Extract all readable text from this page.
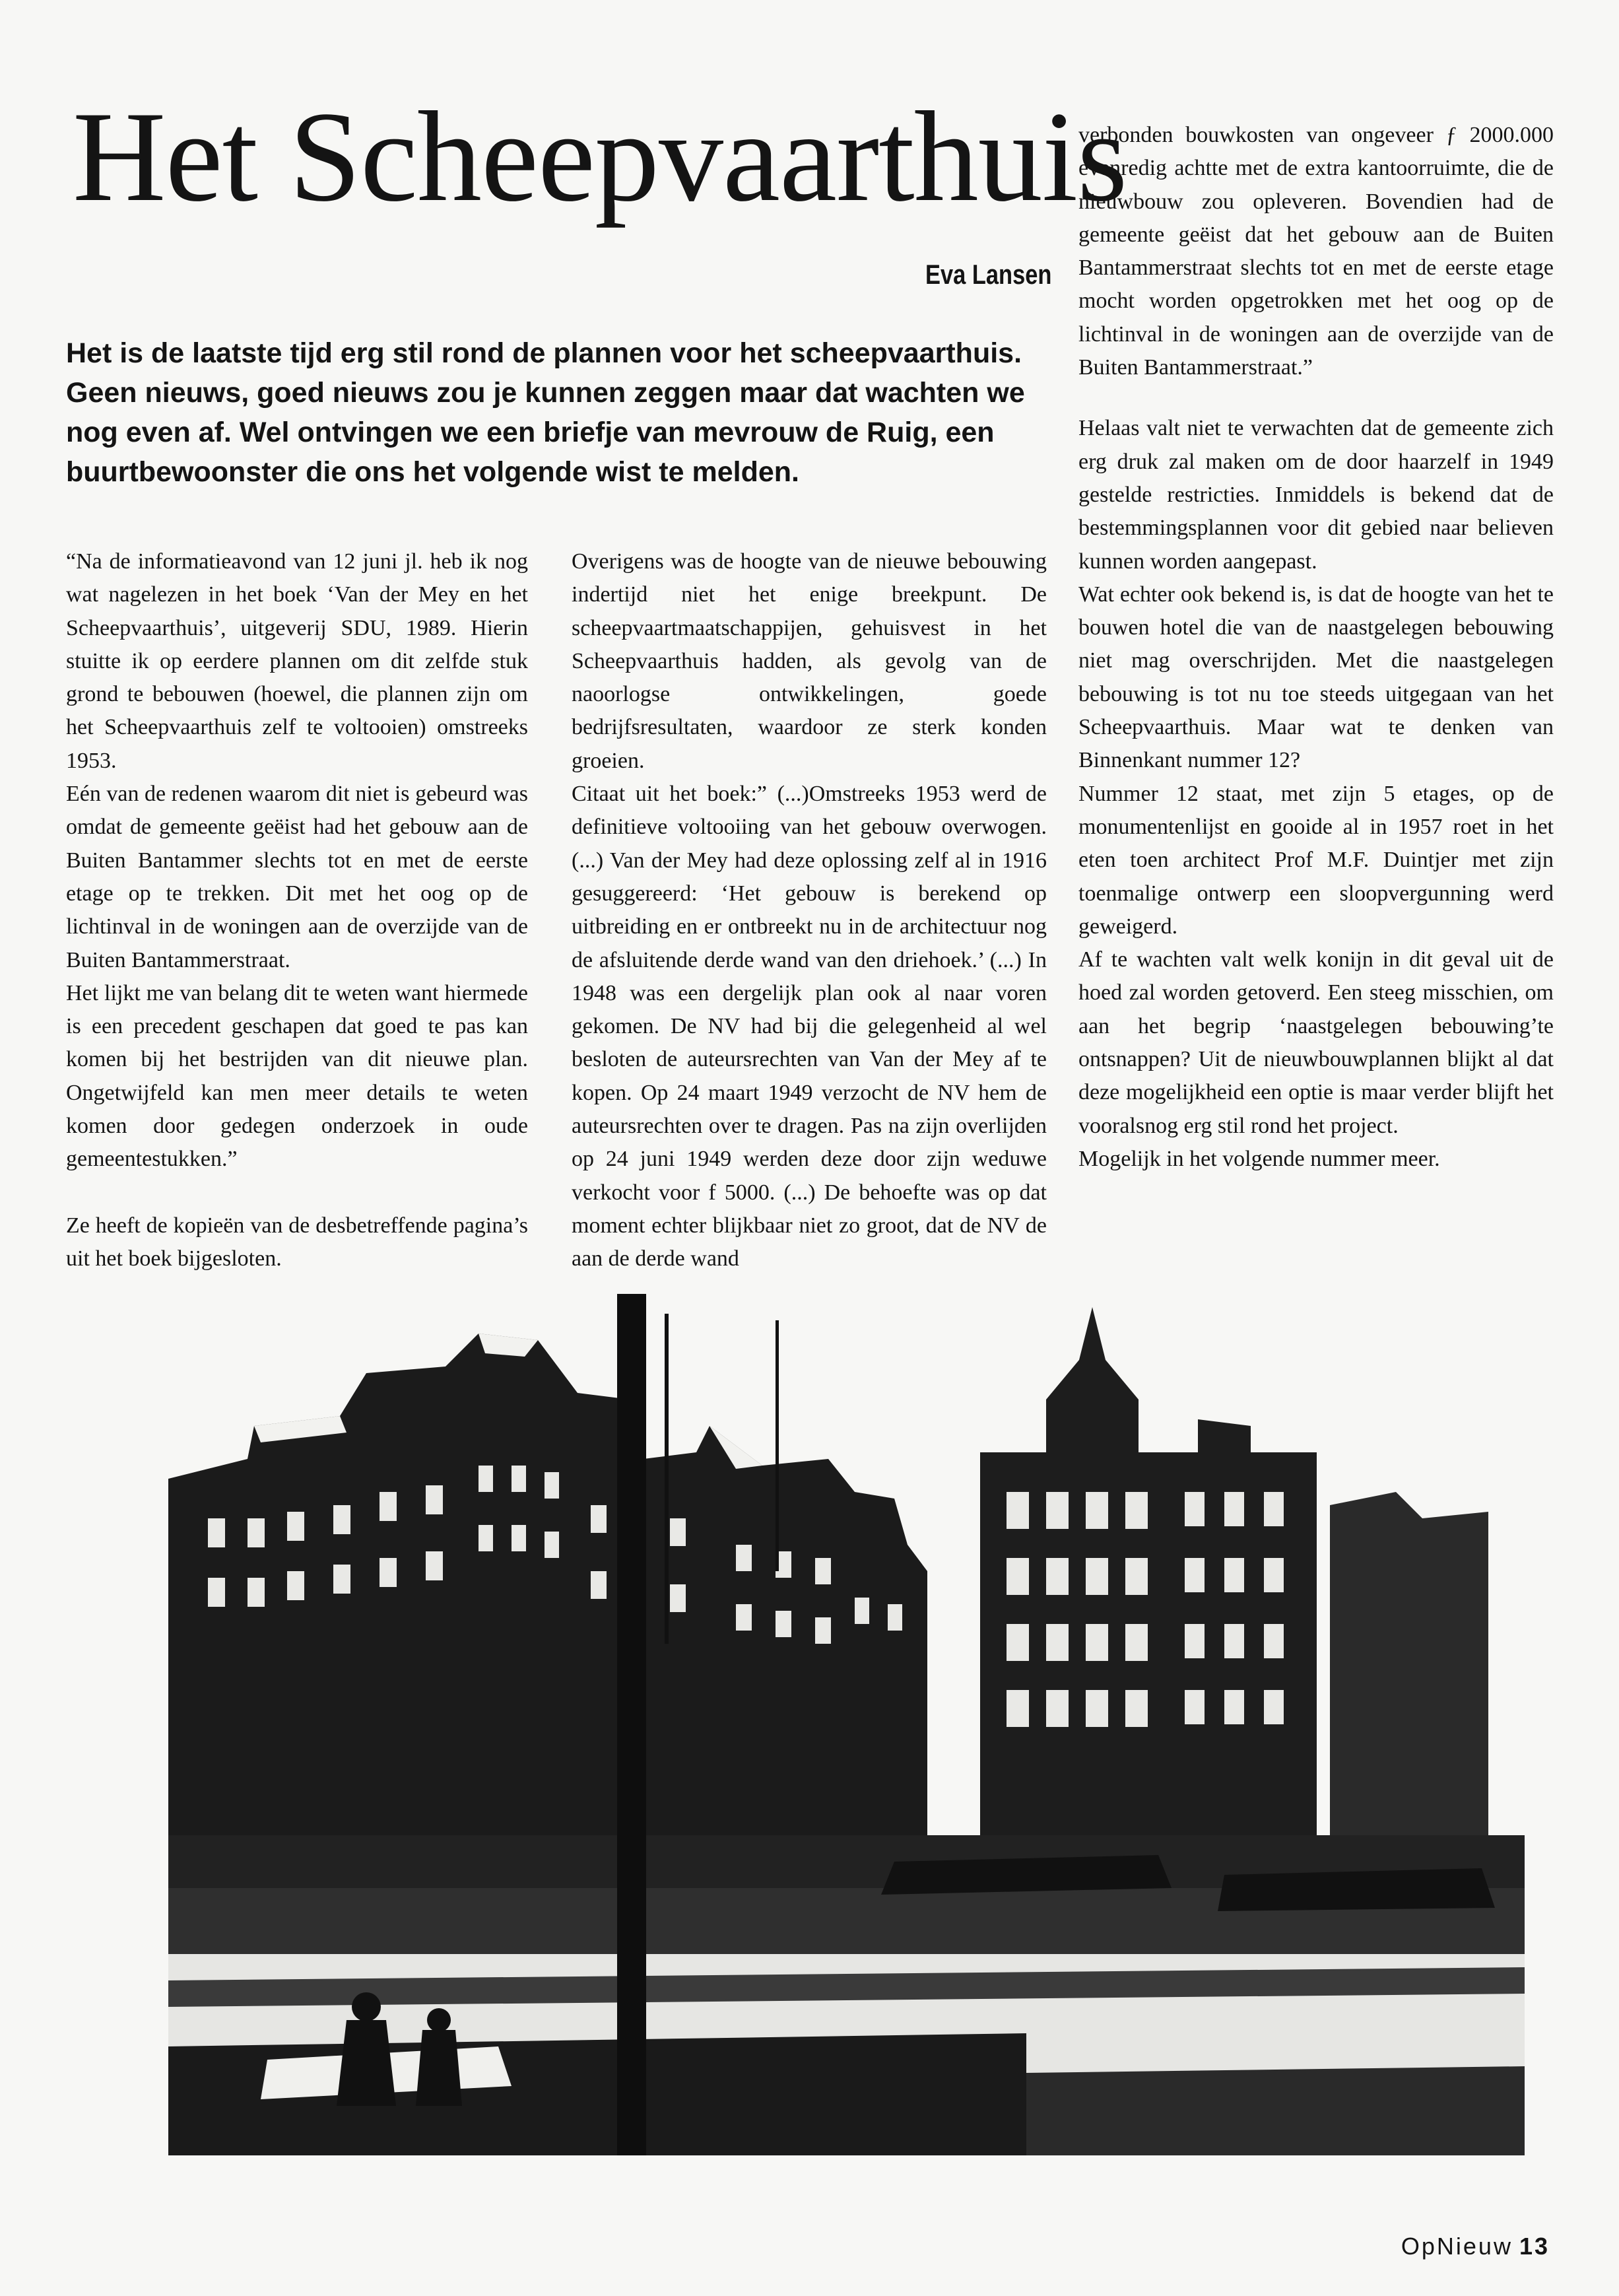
Het Scheepvaarthuis
Eva Lansen

Het is de laatste tijd erg stil rond de plannen voor het scheepvaarthuis. Geen nieuws, goed nieuws zou je kunnen zeggen maar dat wachten we nog even af. Wel ontvingen we een briefje van mevrouw de Ruig, een buurtbewoonster die ons het volgende wist te melden.

“Na de informatieavond van 12 juni jl. heb ik nog wat nagelezen in het boek ‘Van der Mey en het Scheepvaarthuis’, uitgeverij SDU, 1989. Hierin stuitte ik op eerdere plannen om dit zelfde stuk grond te bebouwen (hoewel, die plannen zijn om het Scheepvaarthuis zelf te voltooien) omstreeks 1953.

Eén van de redenen waarom dit niet is gebeurd was omdat de gemeente geëist had het gebouw aan de Buiten Bantammer slechts tot en met de eerste etage op te trekken. Dit met het oog op de lichtinval in de woningen aan de overzijde van de Buiten Bantammerstraat.

Het lijkt me van belang dit te weten want hiermede is een precedent geschapen dat goed te pas kan komen bij het bestrijden van dit nieuwe plan. Ongetwijfeld kan men meer details te weten komen door gedegen onderzoek in oude gemeentestukken.”

Ze heeft de kopieën van de desbetreffende pagina’s uit het boek bijgesloten.

Overigens was de hoogte van de nieuwe bebouwing indertijd niet het enige breekpunt. De scheepvaartmaatschappijen, gehuisvest in het Scheepvaarthuis hadden, als gevolg van de naoorlogse ontwikkelingen, goede bedrijfsresultaten, waardoor ze sterk konden groeien.

Citaat uit het boek:” (...)Omstreeks 1953 werd de definitieve voltooiing van het gebouw overwogen.(...) Van der Mey had deze oplossing zelf al in 1916 gesuggereerd: ‘Het gebouw is berekend op uitbreiding en er ontbreekt nu in de architectuur nog de afsluitende derde wand van den driehoek.’ (...) In 1948 was een dergelijk plan ook al naar voren gekomen. De NV had bij die gelegenheid al wel besloten de auteursrechten van Van der Mey af te kopen. Op 24 maart 1949 verzocht de NV hem de auteursrechten over te dragen. Pas na zijn overlijden op 24 juni 1949 werden deze door zijn weduwe verkocht voor f 5000. (...) De behoefte was op dat moment echter blijkbaar niet zo groot, dat de NV de aan de derde wand

verbonden bouwkosten van ongeveer ƒ 2000.000 evenredig achtte met de extra kantoorruimte, die de nieuwbouw zou opleveren. Bovendien had de gemeente geëist dat het gebouw aan de Buiten Bantammerstraat slechts tot en met de eerste etage mocht worden opgetrokken met het oog op de lichtinval in de woningen aan de overzijde van de Buiten Bantammerstraat.”

Helaas valt niet te verwachten dat de gemeente zich erg druk zal maken om de door haarzelf in 1949 gestelde restricties. Inmiddels is bekend dat de bestemmingsplannen voor dit gebied naar believen kunnen worden aangepast.

Wat echter ook bekend is, is dat de hoogte van het te bouwen hotel die van de naastgelegen bebouwing niet mag overschrijden. Met die naastgelegen bebouwing is tot nu toe steeds uitgegaan van het Scheepvaarthuis. Maar wat te denken van Binnenkant nummer 12?

Nummer 12 staat, met zijn 5 etages, op de monumentenlijst en gooide al in 1957 roet in het eten toen architect Prof M.F. Duintjer met zijn toenmalige ontwerp een sloopvergunning werd geweigerd.

Af te wachten valt welk konijn in dit geval uit de hoed zal worden getoverd. Een steeg misschien, om aan het begrip ‘naastgelegen bebouwing’te ontsnappen? Uit de nieuwbouwplannen blijkt al dat deze mogelijkheid een optie is maar verder blijft het vooralsnog erg stil rond het project.

Mogelijk in het volgende nummer meer.

OpNieuw 13
